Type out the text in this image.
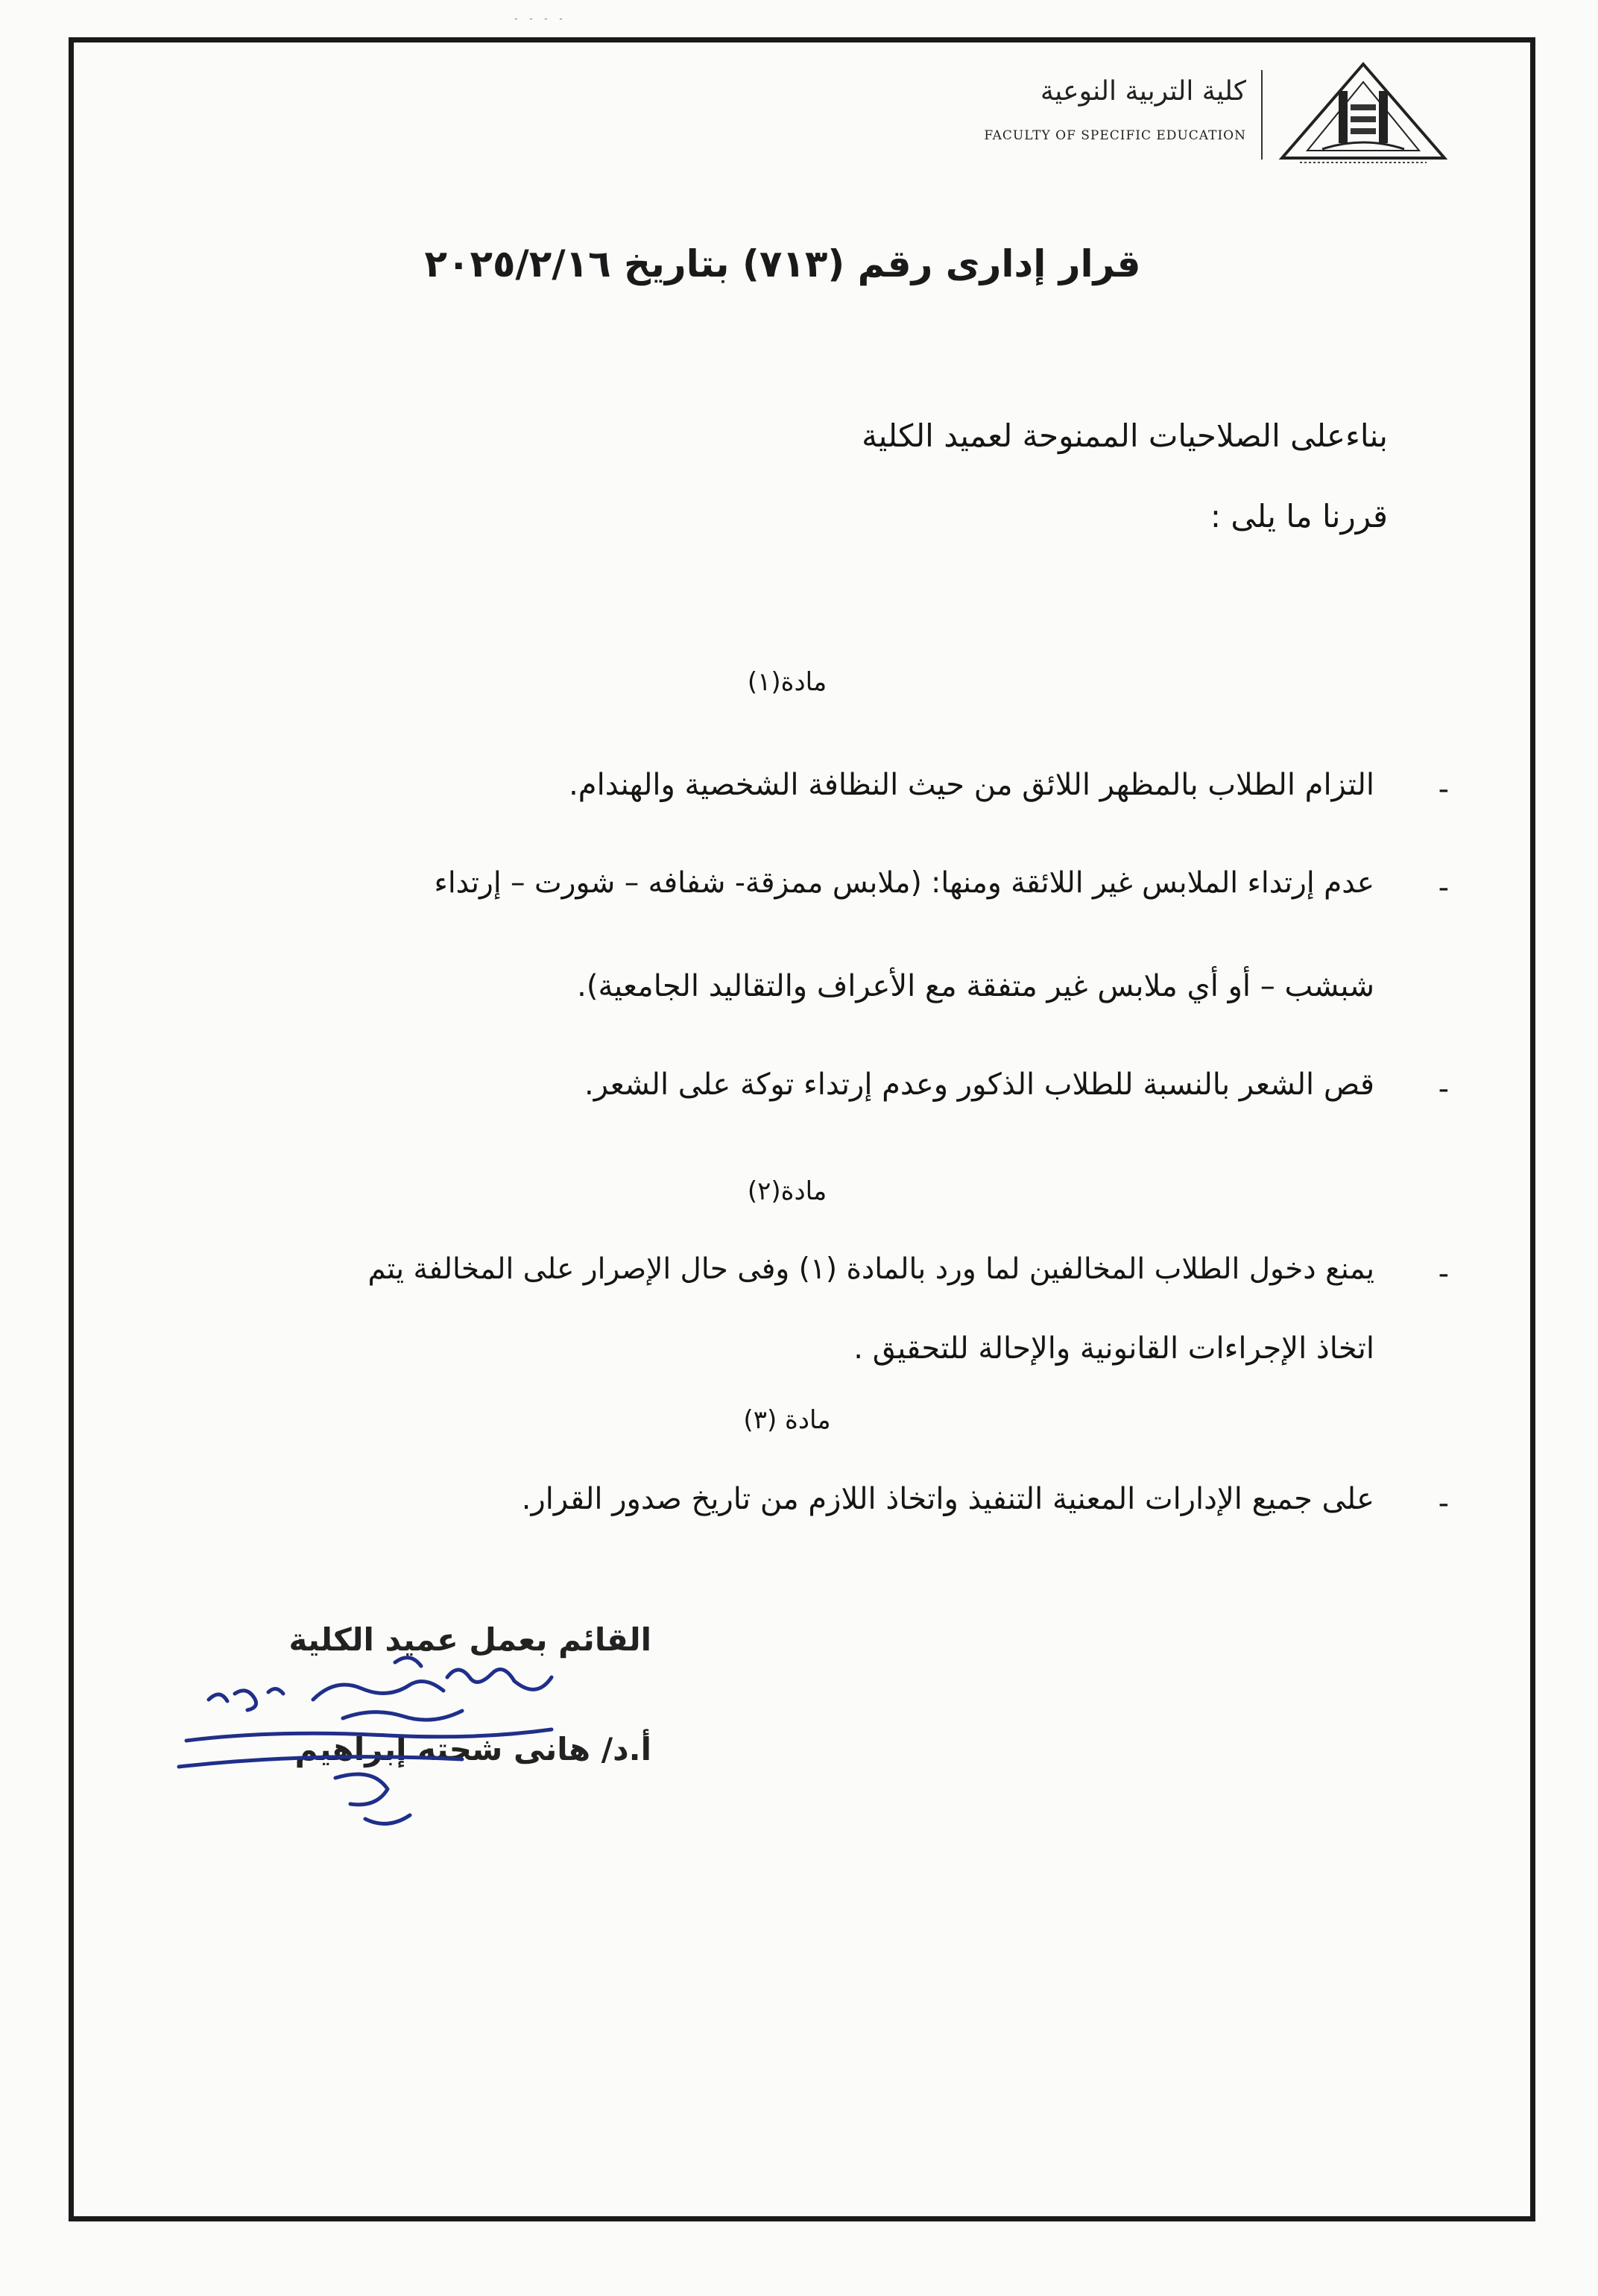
- - - -
كلية التربية النوعية
FACULTY OF SPECIFIC EDUCATION
قرار إدارى رقم (٧١٣) بتاريخ ٢٠٢٥/٢/١٦
بناءعلى الصلاحيات الممنوحة لعميد الكلية
قررنا ما يلى :
مادة(١)
-
التزام الطلاب بالمظهر اللائق من حيث النظافة الشخصية والهندام.
-
عدم إرتداء الملابس غير اللائقة ومنها: (ملابس ممزقة- شفافه – شورت – إرتداء
شبشب – أو أي ملابس غير متفقة مع الأعراف والتقاليد الجامعية).
-
قص الشعر بالنسبة للطلاب الذكور وعدم إرتداء توكة على الشعر.
مادة(٢)
-
يمنع دخول الطلاب المخالفين لما ورد بالمادة (١) وفى حال الإصرار على المخالفة يتم
اتخاذ الإجراءات القانونية والإحالة للتحقيق .
مادة (٣)
-
على جميع الإدارات المعنية التنفيذ واتخاذ اللازم من تاريخ صدور القرار.
القائم بعمل عميد الكلية
أ.د/ هانى شحته إبراهيم
